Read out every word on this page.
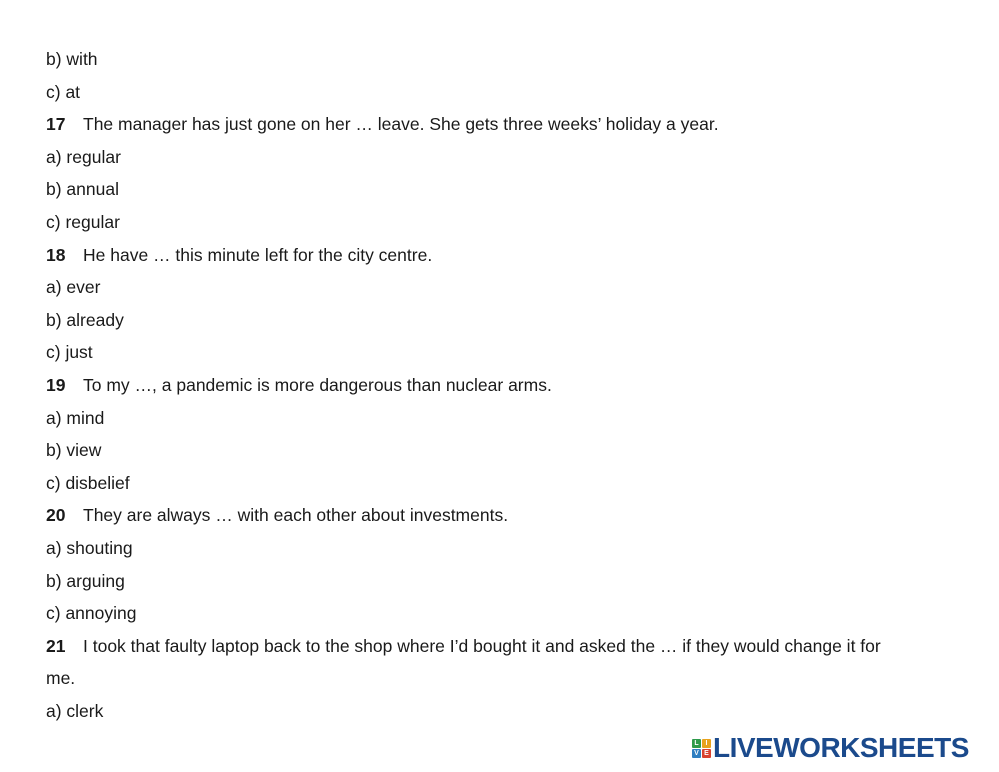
b) with
c) at
17 The manager has just gone on her … leave. She gets three weeks’ holiday a year.
a) regular
b) annual
c) regular
18 He have … this minute left for the city centre.
a) ever
b) already
c) just
19 To my …, a pandemic is more dangerous than nuclear arms.
a) mind
b) view
c) disbelief
20 They are always … with each other about investments.
a) shouting
b) arguing
c) annoying
21 I took that faulty laptop back to the shop where I’d bought it and asked the … if they would change it for
me.
a) clerk
L I
V E LIVEWORKSHEETS
